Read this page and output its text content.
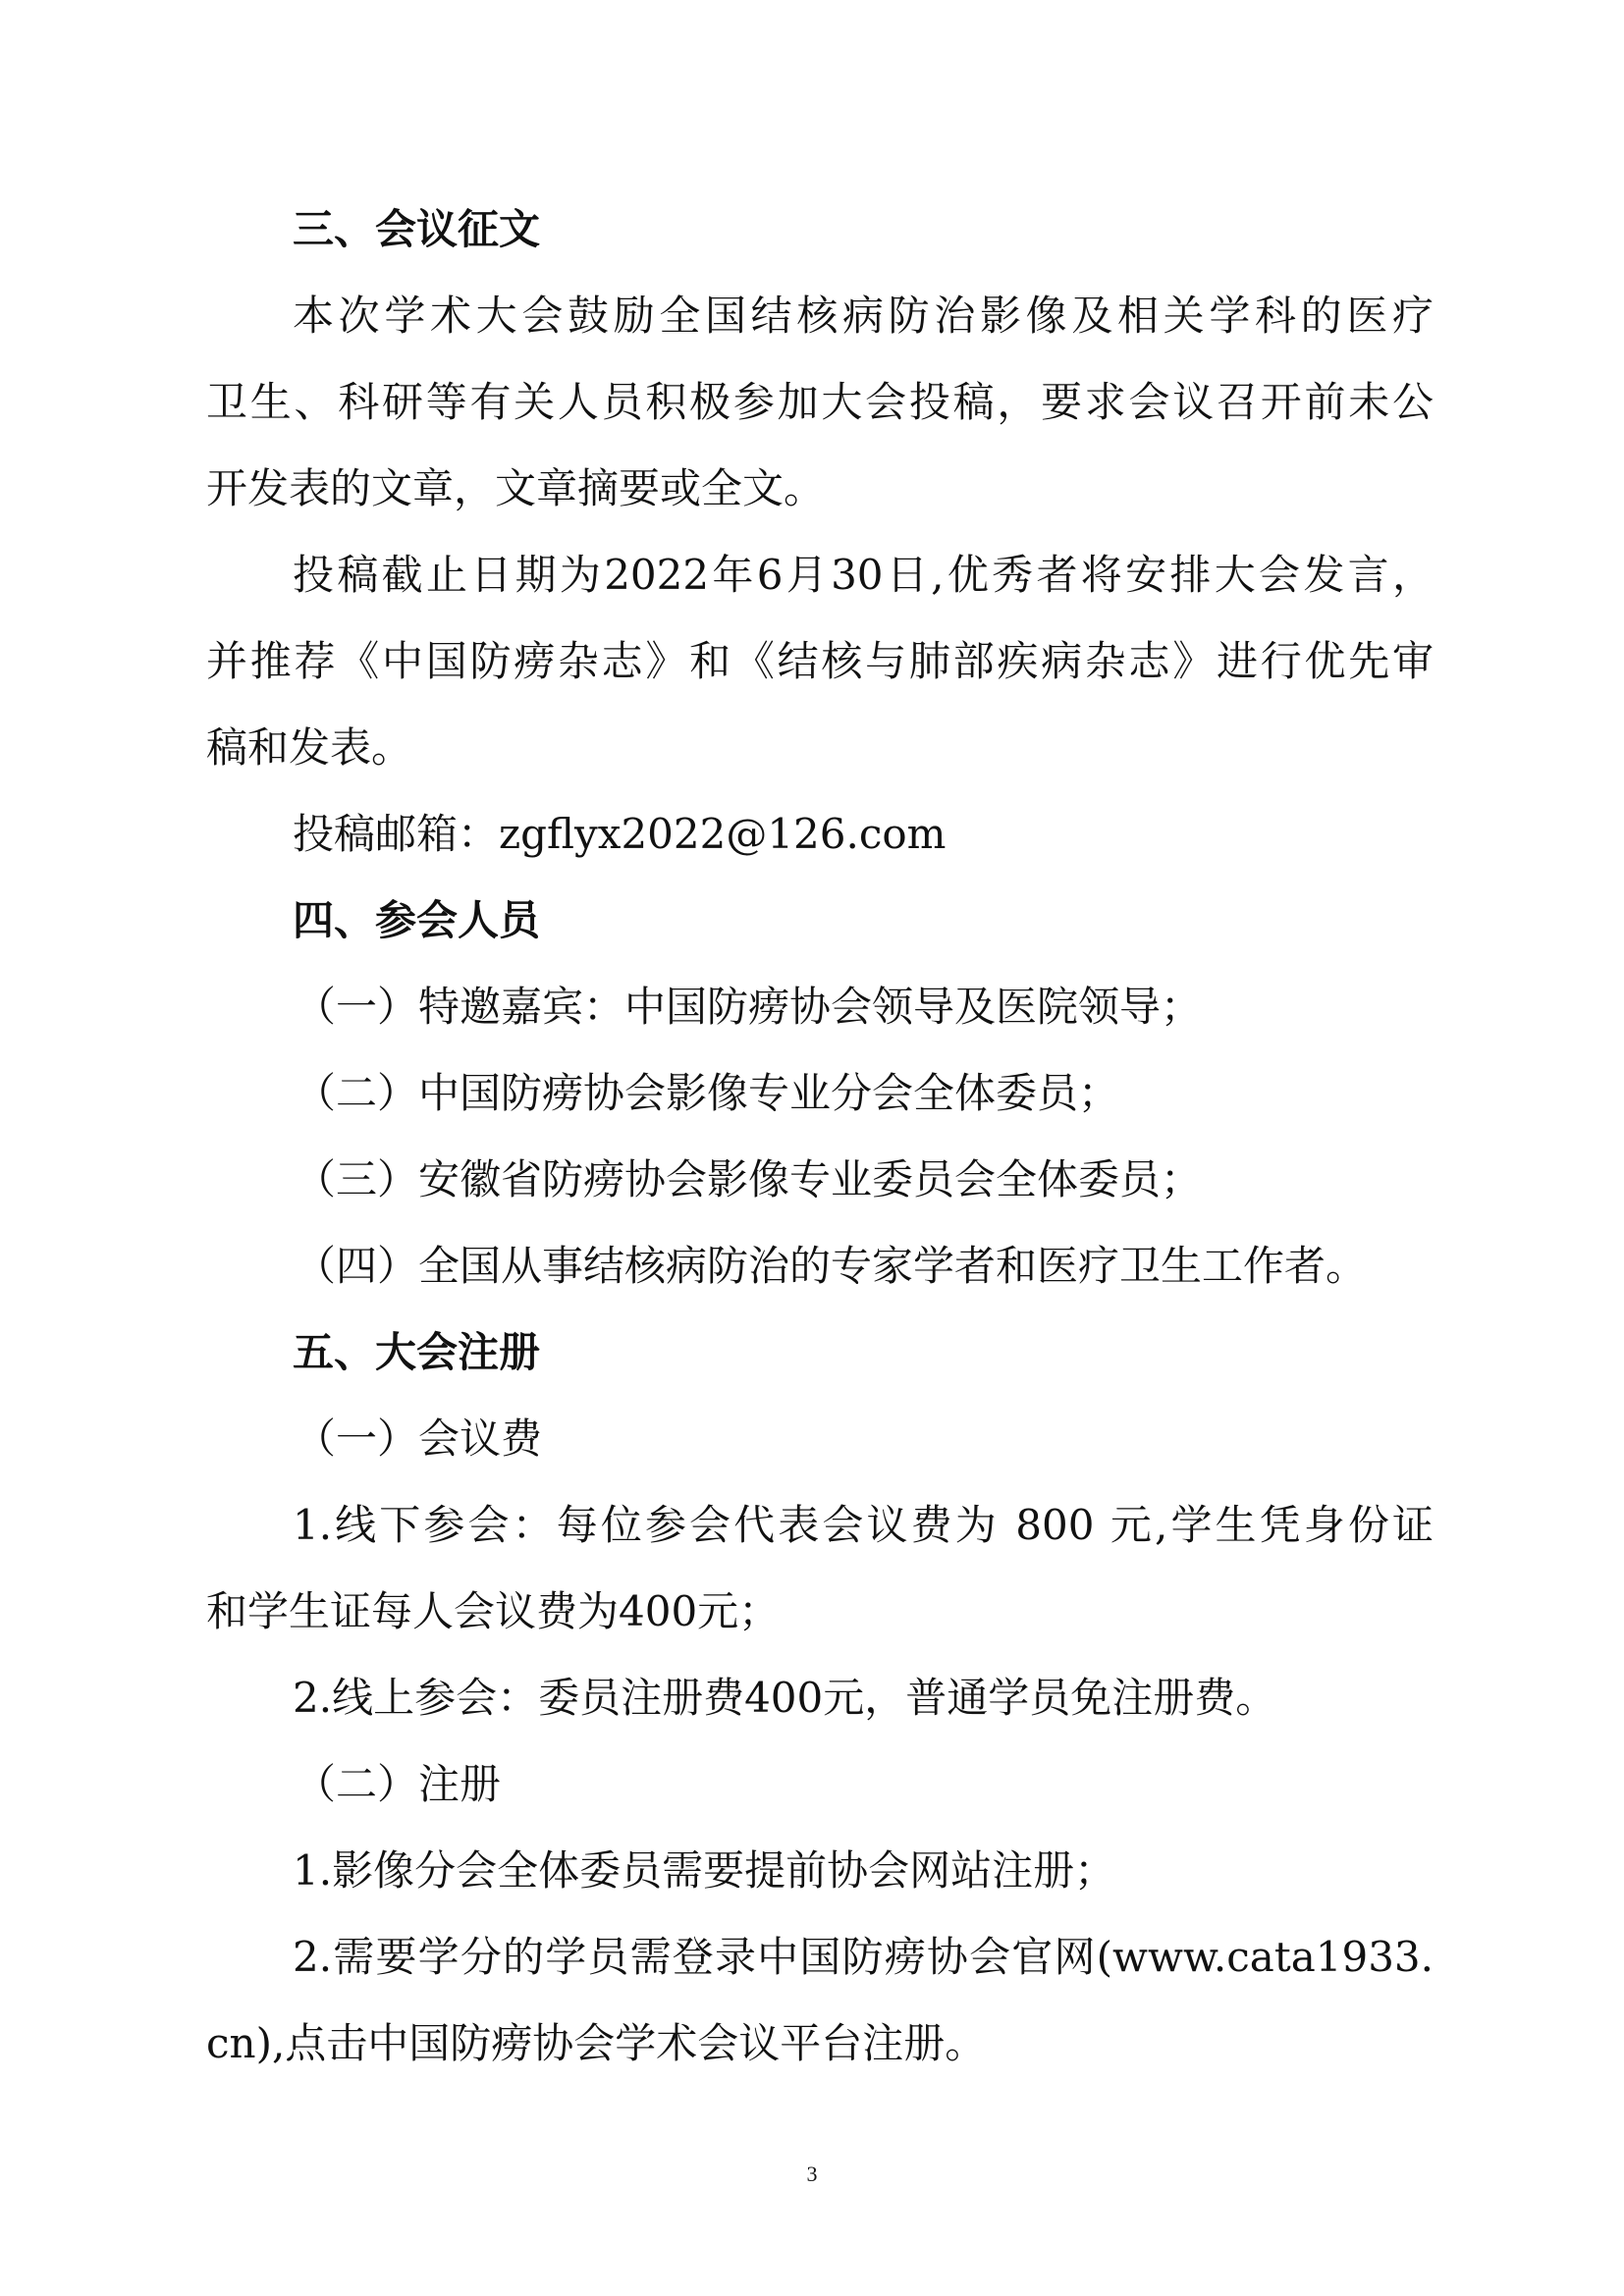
三、会议征文

本次学术大会鼓励全国结核病防治影像及相关学科的医疗

卫生、科研等有关人员积极参加大会投稿，要求会议召开前未公

开发表的文章，文章摘要或全文。

投稿截止日期为2022年6月30日,优秀者将安排大会发言，

并推荐《中国防痨杂志》和《结核与肺部疾病杂志》进行优先审

稿和发表。

投稿邮箱：zgflyx2022@126.com

四、参会人员

（一）特邀嘉宾：中国防痨协会领导及医院领导；

（二）中国防痨协会影像专业分会全体委员；

（三）安徽省防痨协会影像专业委员会全体委员；

（四）全国从事结核病防治的专家学者和医疗卫生工作者。

五、大会注册

（一）会议费

1.线下参会：每位参会代表会议费为 800 元,学生凭身份证

和学生证每人会议费为400元；

2.线上参会：委员注册费400元，普通学员免注册费。

（二）注册

1.影像分会全体委员需要提前协会网站注册；

2.需要学分的学员需登录中国防痨协会官网(www.cata1933.

cn),点击中国防痨协会学术会议平台注册。

3
